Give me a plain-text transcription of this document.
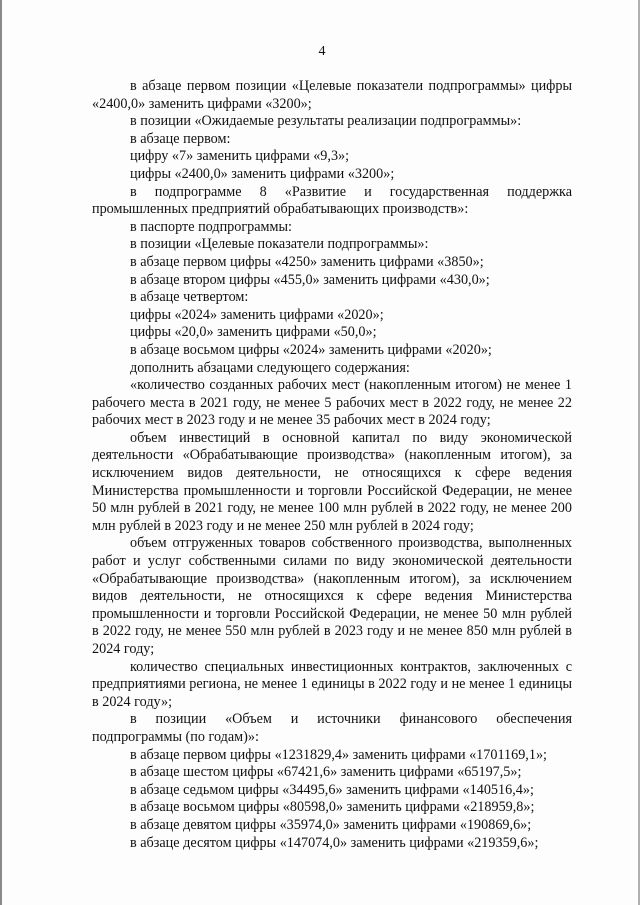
4

в абзаце первом позиции «Целевые показатели подпрограммы» цифры «2400,0» заменить цифрами «3200»;

в позиции «Ожидаемые результаты реализации подпрограммы»:

в абзаце первом:

цифру «7» заменить цифрами «9,3»;

цифры «2400,0» заменить цифрами «3200»;

в подпрограмме 8 «Развитие и государственная поддержка промышленных предприятий обрабатывающих производств»:

в паспорте подпрограммы:

в позиции «Целевые показатели подпрограммы»:

в абзаце первом цифры «4250» заменить цифрами «3850»;

в абзаце втором цифры «455,0» заменить цифрами «430,0»;

в абзаце четвертом:

цифры «2024» заменить цифрами «2020»;

цифры «20,0» заменить цифрами «50,0»;

в абзаце восьмом цифры «2024» заменить цифрами «2020»;

дополнить абзацами следующего содержания:

«количество созданных рабочих мест (накопленным итогом) не менее 1 рабочего места в 2021 году, не менее 5 рабочих мест в 2022 году, не менее 22 рабочих мест в 2023 году и не менее 35 рабочих мест в 2024 году;

объем инвестиций в основной капитал по виду экономической деятельности «Обрабатывающие производства» (накопленным итогом), за исключением видов деятельности, не относящихся к сфере ведения Министерства промышленности и торговли Российской Федерации, не менее 50 млн рублей в 2021 году, не менее 100 млн рублей в 2022 году, не менее 200 млн рублей в 2023 году и не менее 250 млн рублей в 2024 году;

объем отгруженных товаров собственного производства, выполненных работ и услуг собственными силами по виду экономической деятельности «Обрабатывающие производства» (накопленным итогом), за исключением видов деятельности, не относящихся к сфере ведения Министерства промышленности и торговли Российской Федерации, не менее 50 млн рублей в 2022 году, не менее 550 млн рублей в 2023 году и не менее 850 млн рублей в 2024 году;

количество специальных инвестиционных контрактов, заключенных с предприятиями региона, не менее 1 единицы в 2022 году и не менее 1 единицы в 2024 году»;

в позиции «Объем и источники финансового обеспечения подпрограммы (по годам)»:

в абзаце первом цифры «1231829,4» заменить цифрами «1701169,1»;

в абзаце шестом цифры «67421,6» заменить цифрами «65197,5»;

в абзаце седьмом цифры «34495,6» заменить цифрами «140516,4»;

в абзаце восьмом цифры «80598,0» заменить цифрами «218959,8»;

в абзаце девятом цифры «35974,0» заменить цифрами «190869,6»;

в абзаце десятом цифры «147074,0» заменить цифрами «219359,6»;
